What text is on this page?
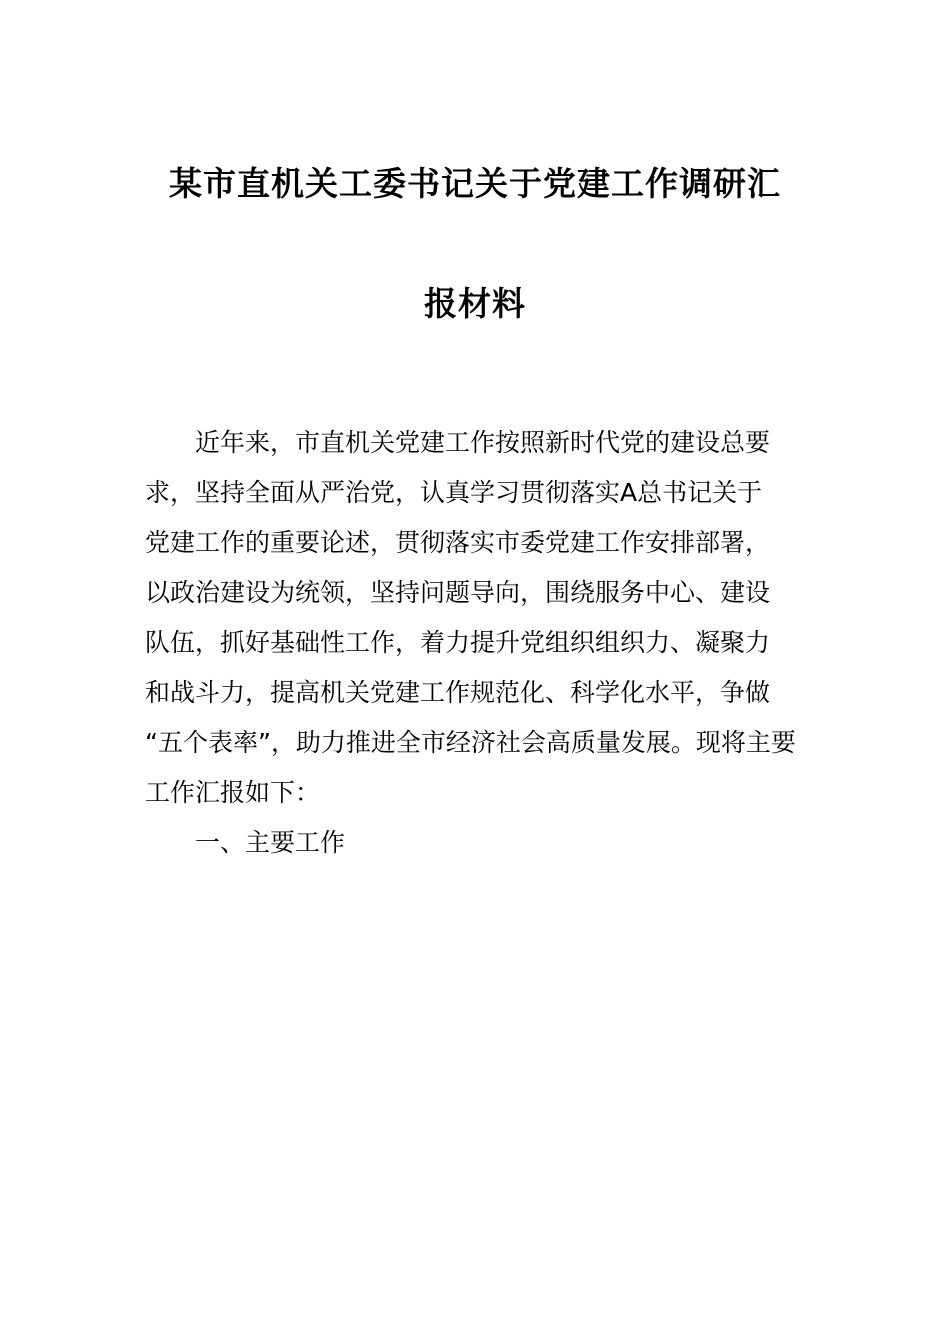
某市直机关工委书记关于党建工作调研汇
报材料
近年来，市直机关党建工作按照新时代党的建设总要
求，坚持全面从严治党，认真学习贯彻落实A总书记关于
党建工作的重要论述，贯彻落实市委党建工作安排部署，
以政治建设为统领，坚持问题导向，围绕服务中心、建设
队伍，抓好基础性工作，着力提升党组织组织力、凝聚力
和战斗力，提高机关党建工作规范化、科学化水平，争做
“五个表率”，助力推进全市经济社会高质量发展。现将主要
工作汇报如下：
一、主要工作
